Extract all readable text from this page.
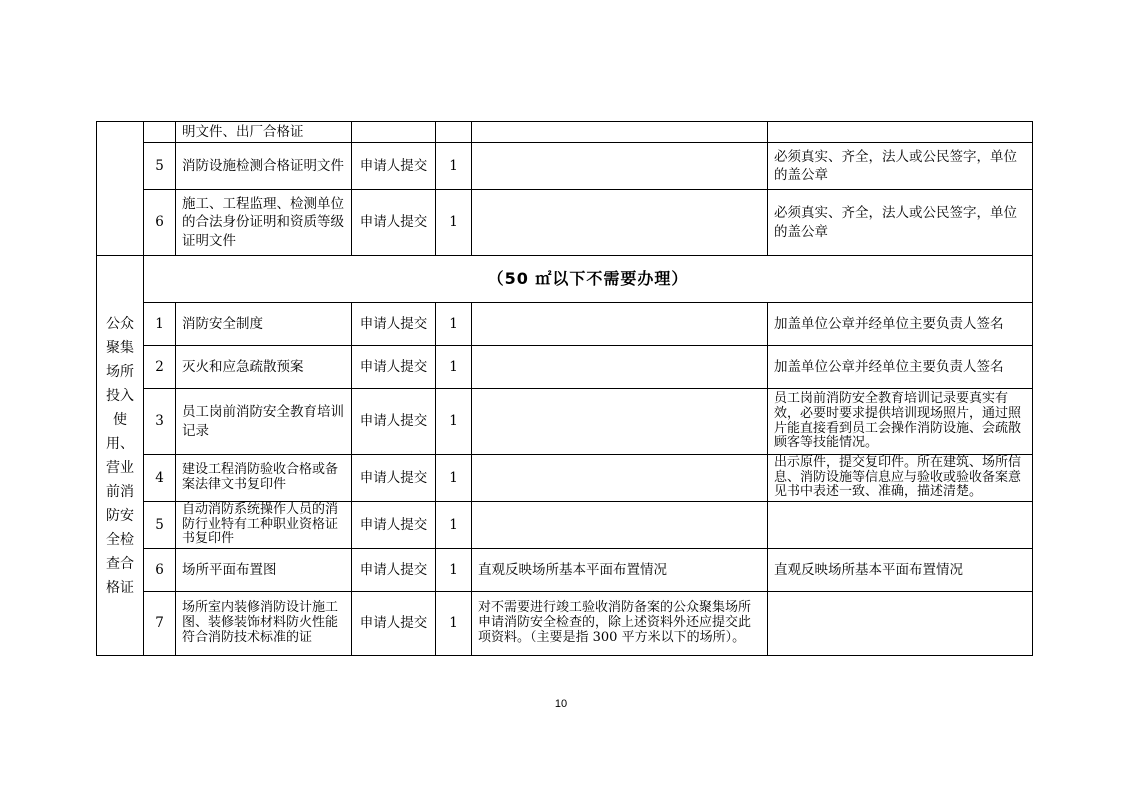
		明文件、出厂合格证				
	5	消防设施检测合格证明文件	申请人提交	1		必须真实、齐全，法人或公民签字，单位的盖公章
	6	施工、工程监理、检测单位的合法身份证明和资质等级证明文件	申请人提交	1		必须真实、齐全，法人或公民签字，单位的盖公章
公众聚集场所投入使用、营业前消防安全检查合格证	（50 ㎡以下不需要办理）					
	1	消防安全制度	申请人提交	1		加盖单位公章并经单位主要负责人签名
	2	灭火和应急疏散预案	申请人提交	1		加盖单位公章并经单位主要负责人签名
	3	员工岗前消防安全教育培训记录	申请人提交	1		员工岗前消防安全教育培训记录要真实有效，必要时要求提供培训现场照片，通过照片能直接看到员工会操作消防设施、会疏散顾客等技能情况。
	4	建设工程消防验收合格或备案法律文书复印件	申请人提交	1		出示原件，提交复印件。所在建筑、场所信息、消防设施等信息应与验收或验收备案意见书中表述一致、准确，描述清楚。
	5	自动消防系统操作人员的消防行业特有工种职业资格证书复印件	申请人提交	1		
	6	场所平面布置图	申请人提交	1	直观反映场所基本平面布置情况	直观反映场所基本平面布置情况
	7	场所室内装修消防设计施工图、装修装饰材料防火性能符合消防技术标准的证	申请人提交	1	对不需要进行竣工验收消防备案的公众聚集场所申请消防安全检查的，除上述资料外还应提交此项资料。（主要是指 300 平方米以下的场所）。	
10
